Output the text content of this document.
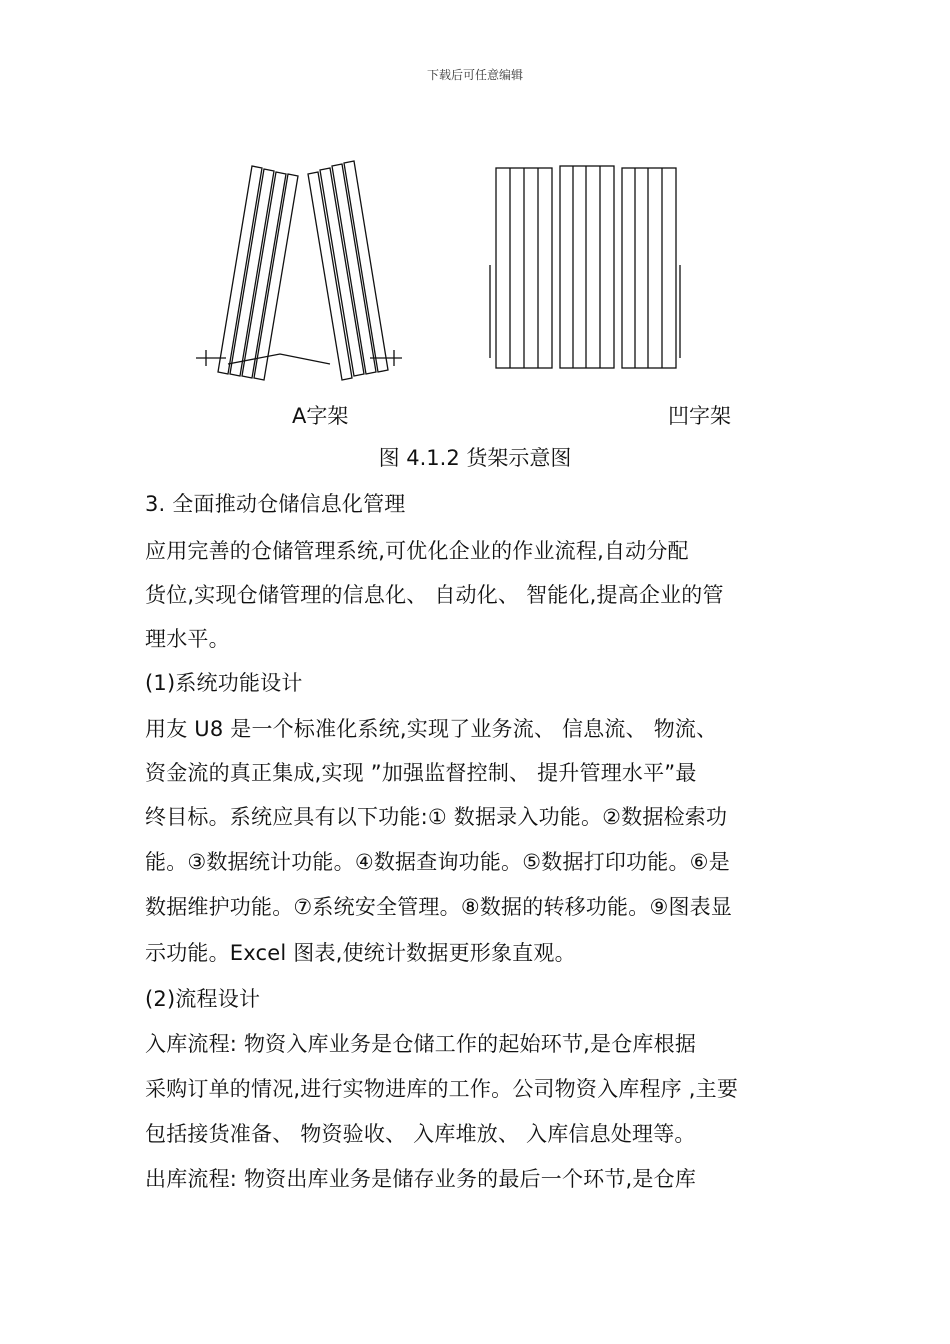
下载后可任意编辑
A字架	凹字架
图 4.1.2 货架示意图
3. 全面推动仓储信息化管理
应用完善的仓储管理系统,可优化企业的作业流程,自动分配
货位,实现仓储管理的信息化、 自动化、 智能化,提高企业的管
理水平。
(1)系统功能设计
用友 U8 是一个标准化系统,实现了业务流、 信息流、 物流、
资金流的真正集成,实现 ”加强监督控制、 提升管理水平”最
终目标。系统应具有以下功能:① 数据录入功能。②数据检索功
能。③数据统计功能。④数据查询功能。⑤数据打印功能。⑥是
数据维护功能。⑦系统安全管理。⑧数据的转移功能。⑨图表显
示功能。Excel 图表,使统计数据更形象直观。
(2)流程设计
入库流程: 物资入库业务是仓储工作的起始环节,是仓库根据
采购订单的情况,进行实物进库的工作。公司物资入库程序 ,主要
包括接货准备、 物资验收、 入库堆放、 入库信息处理等。
出库流程: 物资出库业务是储存业务的最后一个环节,是仓库
